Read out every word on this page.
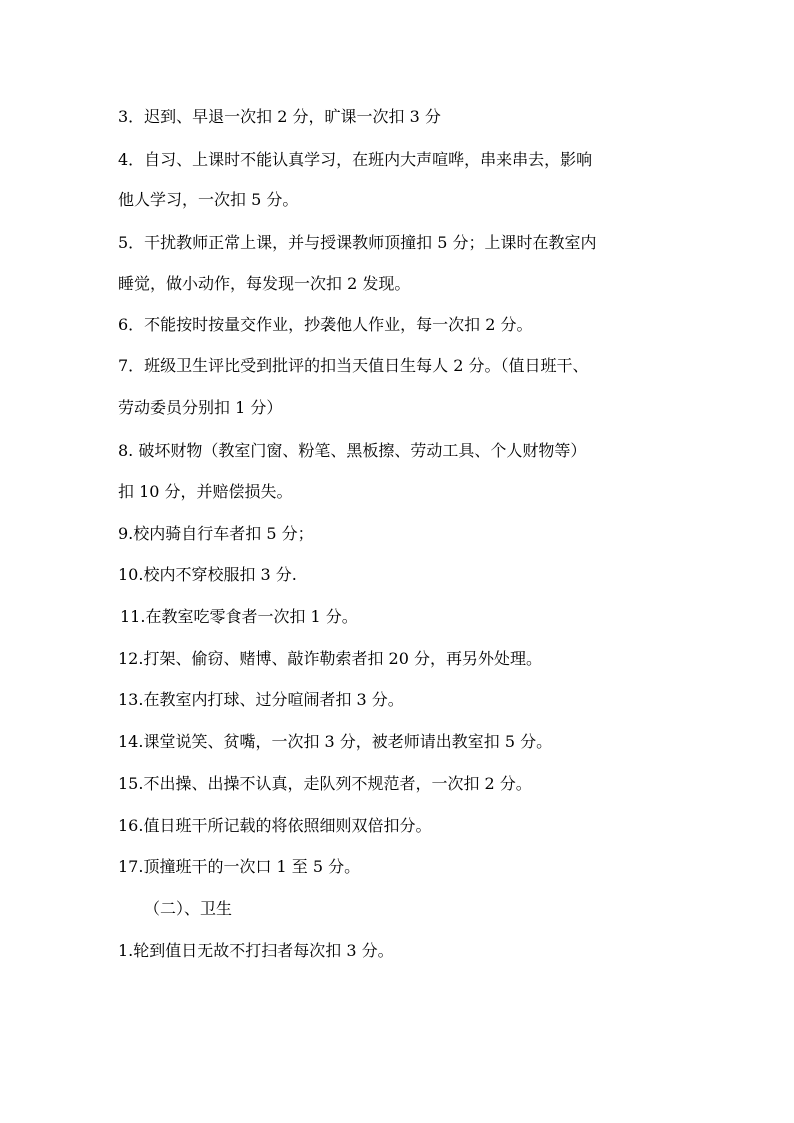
3．迟到、早退一次扣 2 分，旷课一次扣 3 分
4．自习、上课时不能认真学习，在班内大声喧哗，串来串去，影响
他人学习，一次扣 5 分。
5．干扰教师正常上课，并与授课教师顶撞扣 5 分；上课时在教室内
睡觉，做小动作，每发现一次扣 2 发现。
6．不能按时按量交作业，抄袭他人作业，每一次扣 2 分。
7．班级卫生评比受到批评的扣当天值日生每人 2 分。（值日班干、
劳动委员分别扣 1 分）
8. 破坏财物（教室门窗、粉笔、黑板擦、劳动工具、个人财物等）
扣 10 分，并赔偿损失。
9.校内骑自行车者扣 5 分；
10.校内不穿校服扣 3 分.
11.在教室吃零食者一次扣 1 分。
12.打架、偷窃、赌博、敲诈勒索者扣 20 分，再另外处理。
13.在教室内打球、过分喧闹者扣 3 分。
14.课堂说笑、贫嘴，一次扣 3 分，被老师请出教室扣 5 分。
15.不出操、出操不认真，走队列不规范者，一次扣 2 分。
16.值日班干所记载的将依照细则双倍扣分。
17.顶撞班干的一次口 1 至 5 分。
（二）、卫生
1.轮到值日无故不打扫者每次扣 3 分。
